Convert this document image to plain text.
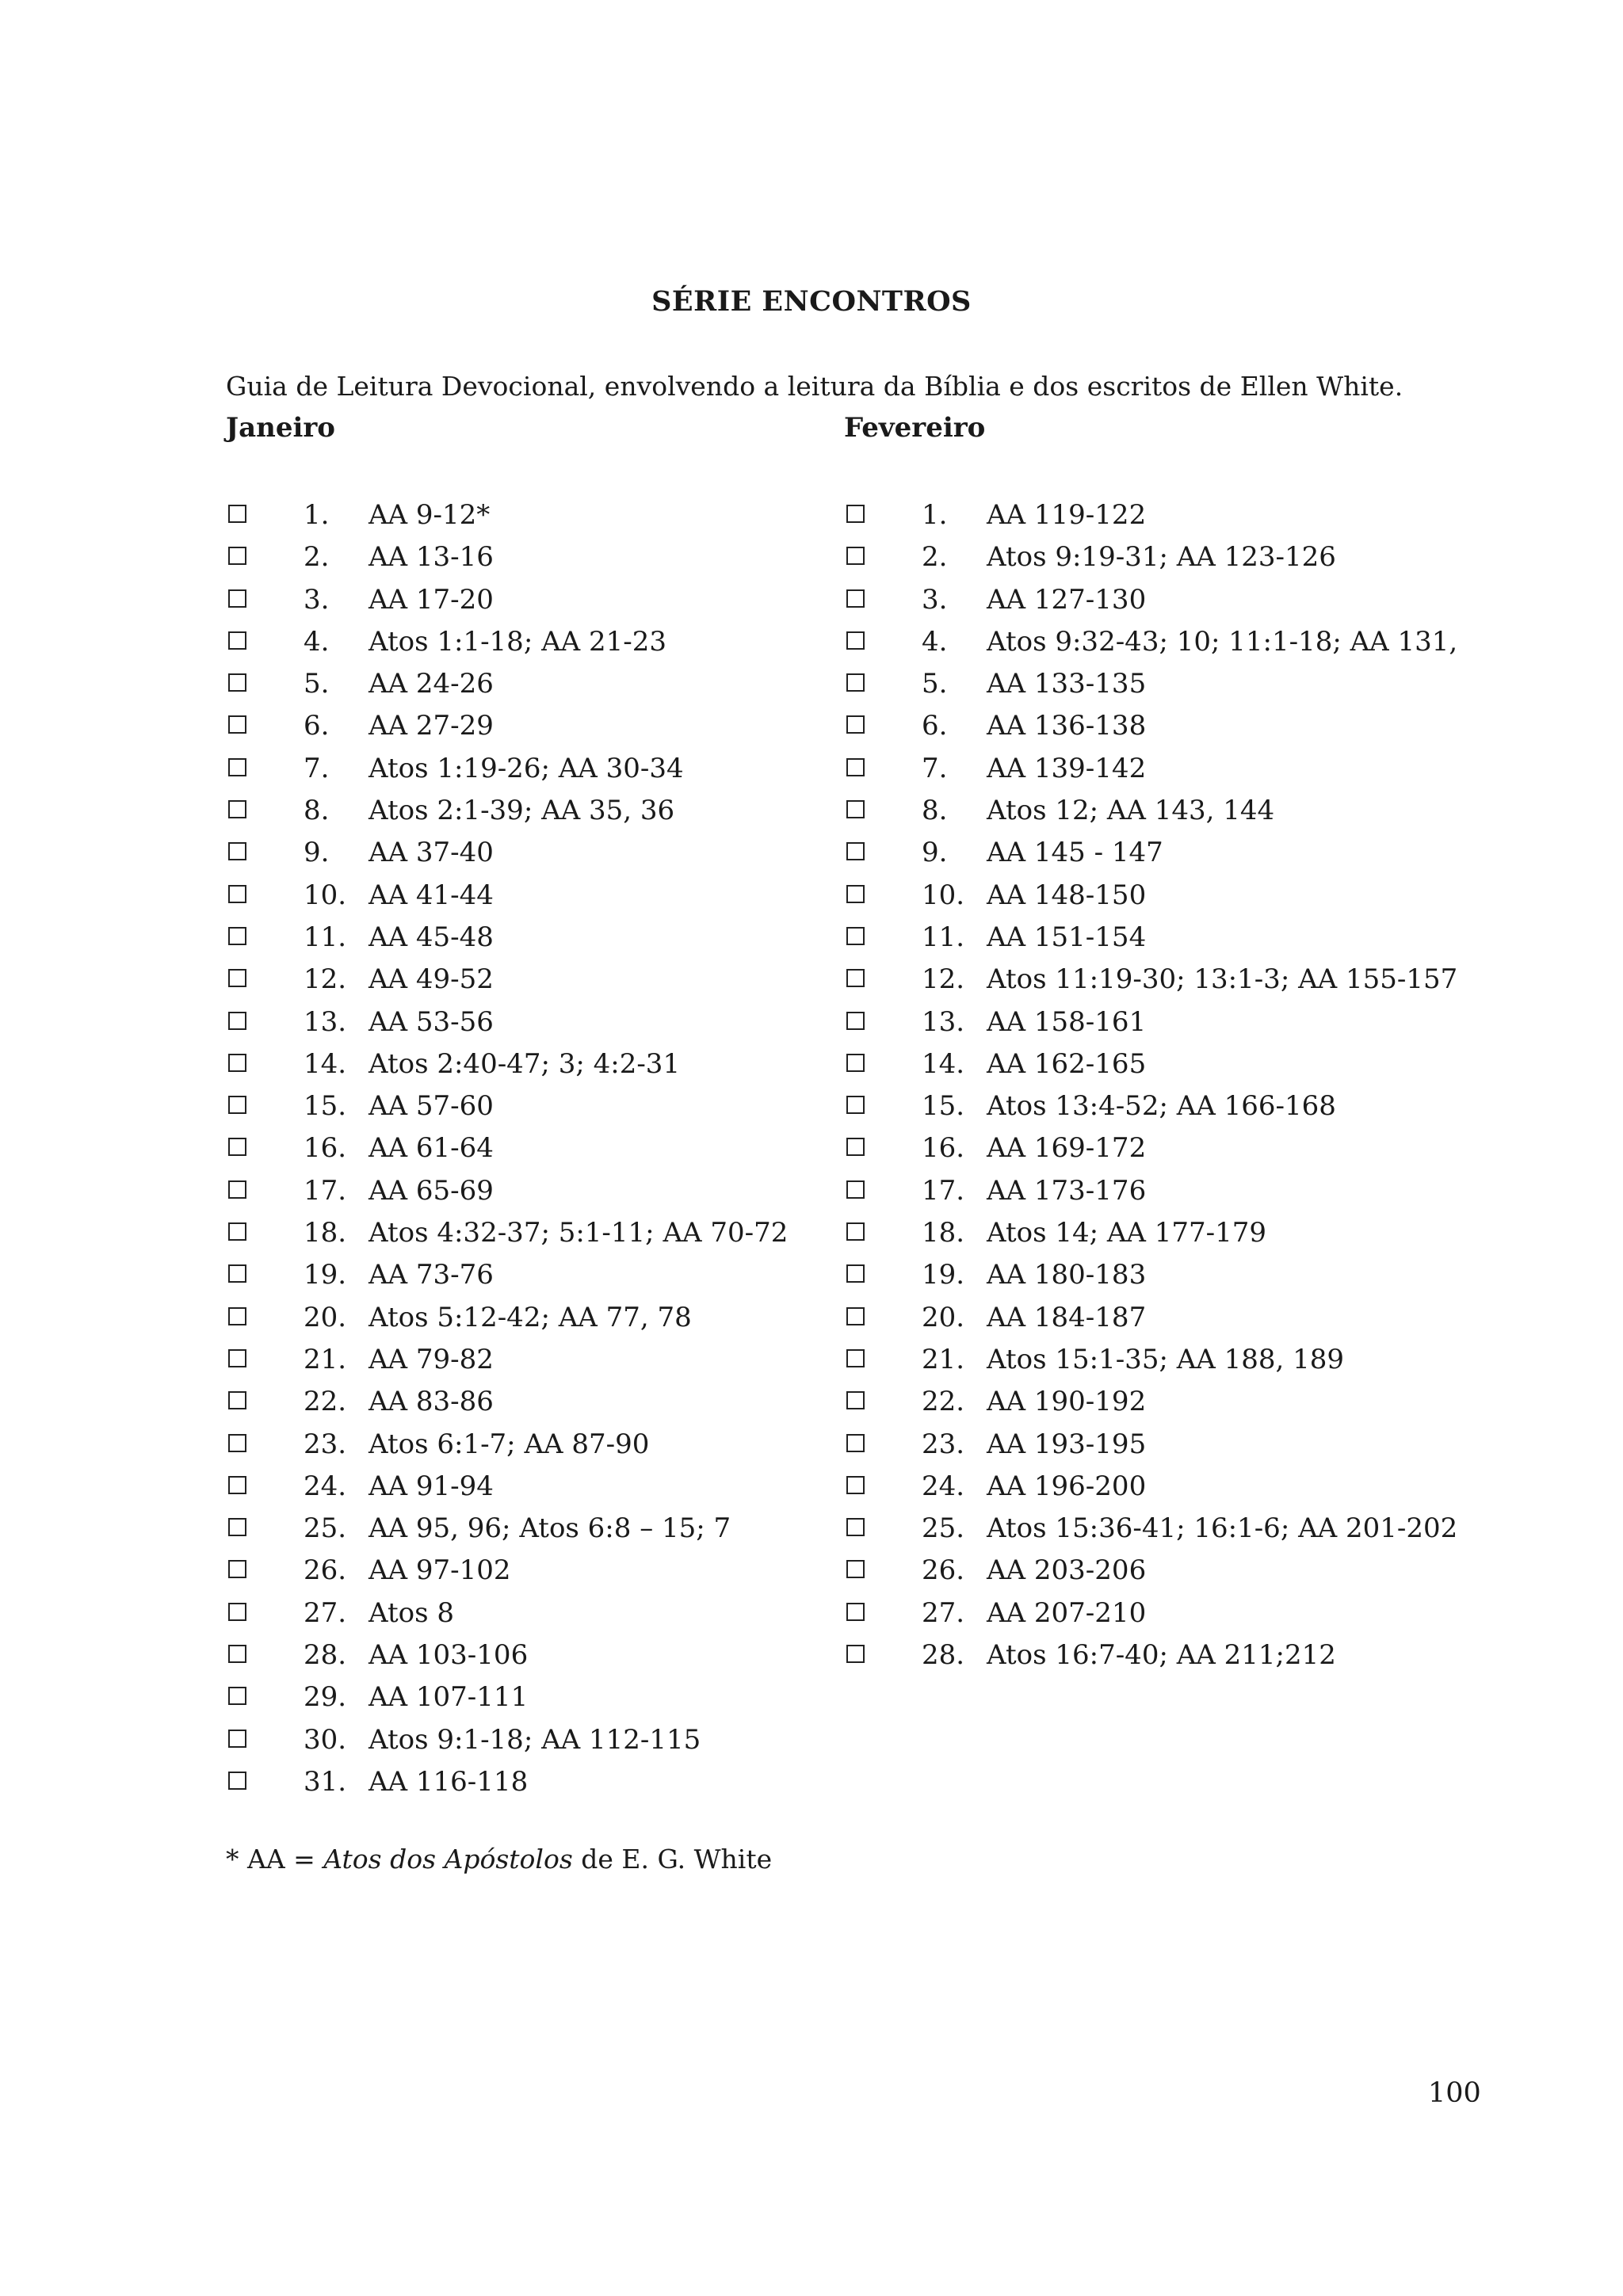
SÉRIE ENCONTROS
Guia de Leitura Devocional, envolvendo a leitura da Bíblia e dos escritos de Ellen White.
Janeiro	Fevereiro
1. AA 9-12*
2. AA 13-16
3. AA 17-20
4. Atos 1:1-18; AA 21-23
5. AA 24-26
6. AA 27-29
7. Atos 1:19-26; AA 30-34
8. Atos 2:1-39; AA 35, 36
9. AA 37-40
10. AA 41-44
11. AA 45-48
12. AA 49-52
13. AA 53-56
14. Atos 2:40-47; 3; 4:2-31
15. AA 57-60
16. AA 61-64
17. AA 65-69
18. Atos 4:32-37; 5:1-11; AA 70-72
19. AA 73-76
20. Atos 5:12-42; AA 77, 78
21. AA 79-82
22. AA 83-86
23. Atos 6:1-7; AA 87-90
24. AA 91-94
25. AA 95, 96; Atos 6:8 – 15; 7
26. AA 97-102
27. Atos 8
28. AA 103-106
29. AA 107-111
30. Atos 9:1-18; AA 112-115
31. AA 116-118
1. AA 119-122
2. Atos 9:19-31; AA 123-126
3. AA 127-130
4. Atos 9:32-43; 10; 11:1-18; AA 131,
5. AA 133-135
6. AA 136-138
7. AA 139-142
8. Atos 12; AA 143, 144
9. AA 145 - 147
10. AA 148-150
11. AA 151-154
12. Atos 11:19-30; 13:1-3; AA 155-157
13. AA 158-161
14. AA 162-165
15. Atos 13:4-52; AA 166-168
16. AA 169-172
17. AA 173-176
18. Atos 14; AA 177-179
19. AA 180-183
20. AA 184-187
21. Atos 15:1-35; AA 188, 189
22. AA 190-192
23. AA 193-195
24. AA 196-200
25. Atos 15:36-41; 16:1-6; AA 201-202
26. AA 203-206
27. AA 207-210
28. Atos 16:7-40; AA 211;212
* AA = Atos dos Apóstolos de E. G. White
100
